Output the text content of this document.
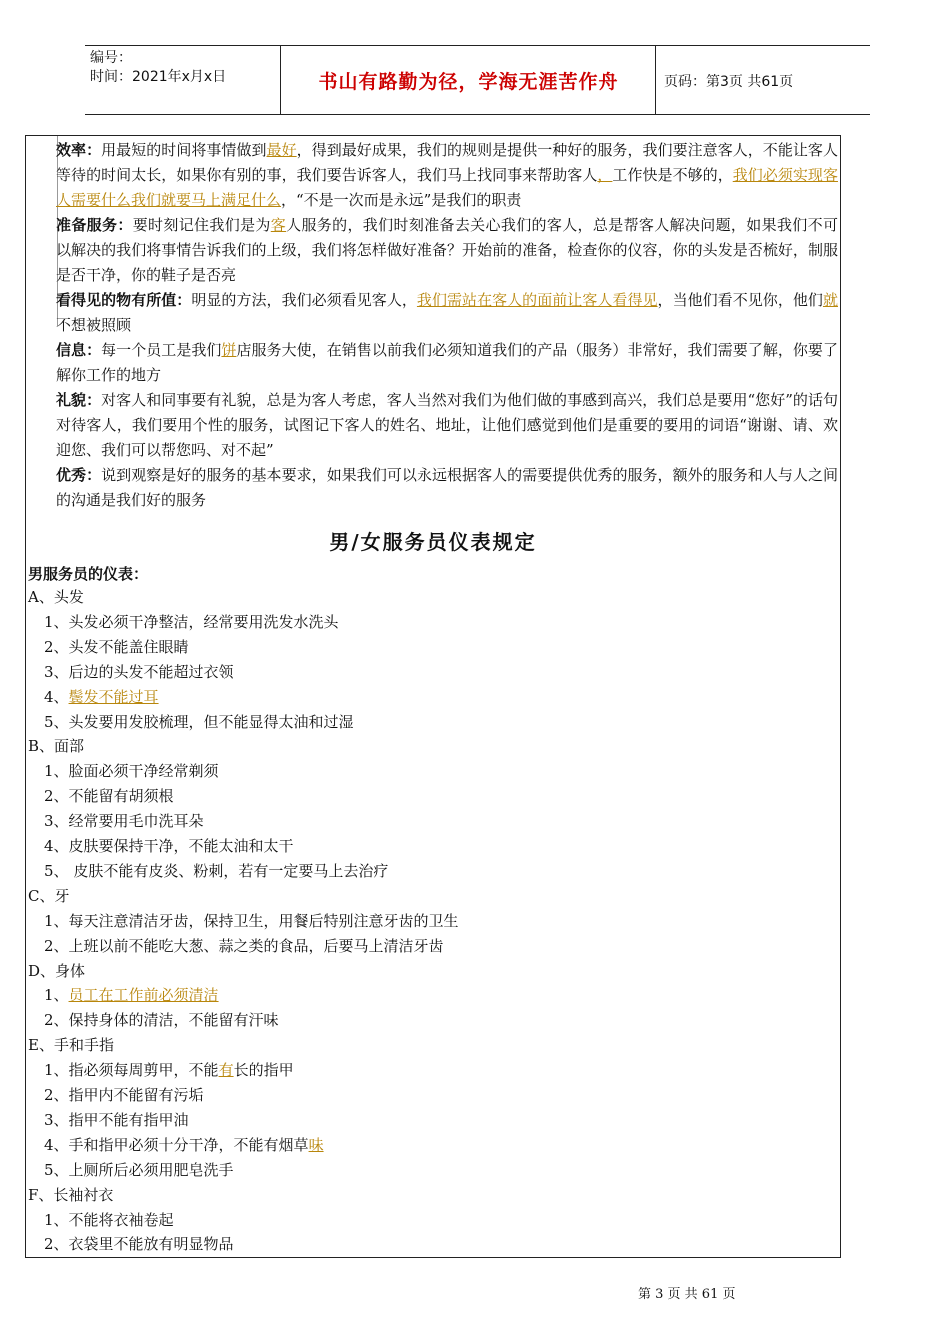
编号：
时间：2021年x月x日	书山有路勤为径，学海无涯苦作舟	页码：第3页 共61页
效率：用最短的时间将事情做到最好，得到最好成果，我们的规则是提供一种好的服务，我们要注意客人，不能让客人等待的时间太长，如果你有别的事，我们要告诉客人，我们马上找同事来帮助客人，工作快是不够的，我们必须实现客人需要什么我们就要马上满足什么，“不是一次而是永远”是我们的职责
准备服务：要时刻记住我们是为客人服务的，我们时刻准备去关心我们的客人，总是帮客人解决问题，如果我们不可　　　以解决的我们将事情告诉我们的上级，我们将怎样做好准备？开始前的准备，检查你的仪容，你的头发是否梳好，制服是否干净，你的鞋子是否亮
看得见的物有所值：明显的方法，我们必须看见客人，我们需站在客人的面前让客人看得见，当他们看不见你，他们就不想被照顾
信息：每一个员工是我们饼店服务大使，在销售以前我们必须知道我们的产品（服务）非常好，我们需要了解，你要了解你工作的地方
礼貌：对客人和同事要有礼貌，总是为客人考虑，客人当然对我们为他们做的事感到高兴，我们总是要用“您好”的话句对待客人，我们要用个性的服务，试图记下客人的姓名、地址，让他们感觉到他们是重要的要用的词语“谢谢、请、欢迎您、我们可以帮您吗、对不起”
优秀：说到观察是好的服务的基本要求，如果我们可以永远根据客人的需要提供优秀的服务，额外的服务和人与人之间的沟通是我们好的服务
男/女服务员仪表规定
男服务员的仪表：
A、头发
1、头发必须干净整洁，经常要用洗发水洗头
2、头发不能盖住眼睛
3、后边的头发不能超过衣领
4、鬓发不能过耳
5、头发要用发胶梳理，但不能显得太油和过湿
B、面部
1、脸面必须干净经常剃须
2、不能留有胡须根
3、经常要用毛巾洗耳朵
4、皮肤要保持干净，不能太油和太干
5、 皮肤不能有皮炎、粉刺，若有一定要马上去治疗
C、牙
1、每天注意清洁牙齿，保持卫生，用餐后特别注意牙齿的卫生
2、上班以前不能吃大葱、蒜之类的食品，后要马上清洁牙齿
D、身体
1、员工在工作前必须清洁
2、保持身体的清洁，不能留有汗味
E、手和手指
1、指必须每周剪甲，不能有长的指甲
2、指甲内不能留有污垢
3、指甲不能有指甲油
4、手和指甲必须十分干净，不能有烟草味
5、上厕所后必须用肥皂洗手
F、长袖衬衣
1、不能将衣袖卷起
2、衣袋里不能放有明显物品
第 3 页 共 61 页
